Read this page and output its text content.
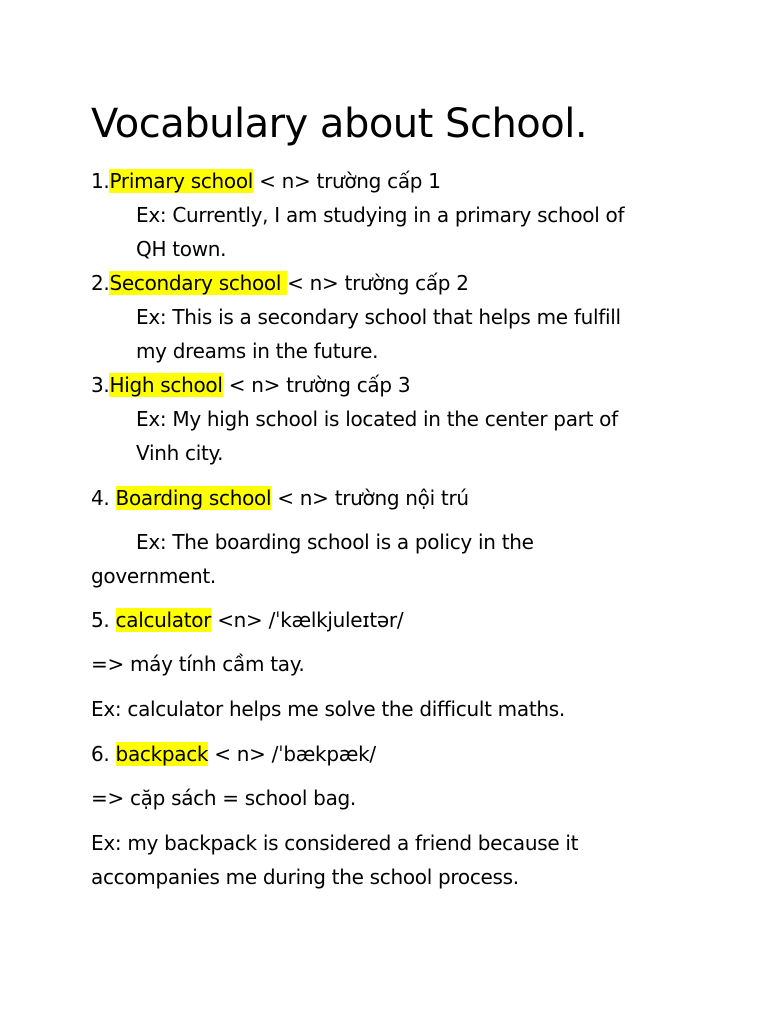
Vocabulary about School.
1.Primary school < n> trường cấp 1
Ex: Currently, I am studying in a primary school of
QH town.
2.Secondary school < n> trường cấp 2
Ex: This is a secondary school that helps me fulfill
my dreams in the future.
3.High school < n> trường cấp 3
Ex: My high school is located in the center part of
Vinh city.
4. Boarding school < n> trường nội trú
Ex: The boarding school is a policy in the
government.
5. calculator <n> /ˈkælkjuleɪtər/
=> máy tính cầm tay.
Ex: calculator helps me solve the difficult maths.
6. backpack < n> /ˈbækpæk/
=> cặp sách = school bag.
Ex: my backpack is considered a friend because it
accompanies me during the school process.
